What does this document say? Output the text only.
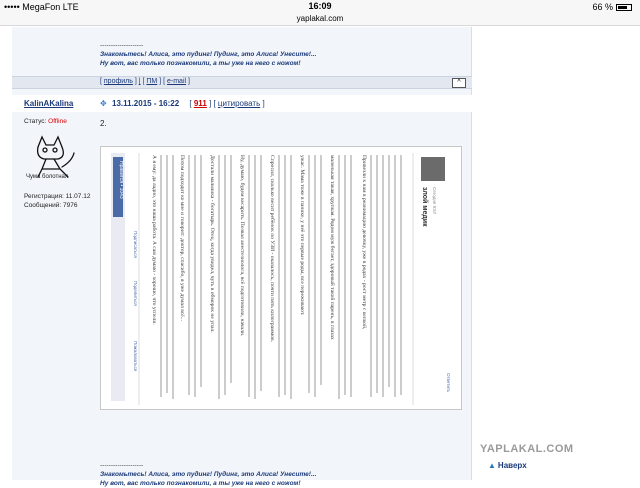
••••• MegaFon LTE	16:09	66 %
yaplakal.com
--------------------
Знакомьтесь! Алиса, это пудинг! Пудинг, это Алиса! Унесите!...
Ну вот, вас только познакомили, а ты уже на него с ножом!
[ профиль ] | [ ПМ ] [ e-mail ]	^
KalinAKalina	✥ 13.11.2015 - 16:22 [ 911 ] [ цитировать ]
Статус: Offline
Чума болотная
Регистрация: 11.07.12
Сообщений: 7976
2.
Нравится • 1043
Подписаться
Поделиться
Пожаловаться
А я ему: да ладно, это наша работа. А сам думаю - хорошо, что успели.	Потом подходит ко мне и говорит: доктор, спасибо, я уже думал всё...	Достали мальчика - богатырь. Отец, когда увидел, чуть в обморок не упал.	Ну, думаю, будем кесарить. Позвал анестезиолога, всё подготовили, начали.	Спросил, сколько весит ребёнок по УЗИ - оказалось, почти пять килограммов.	ужас. Мама тоже в панике, у неё это первые роды, все переживают.	маленькая такая, хрупкая. Рядом муж бегает, здоровый такой парень, в глазах	Привезли к нам в реанимацию девочку, уже в родах - рост метр с кепкой,	злой медик Сегодня 9:57
Ответить
--------------------
Знакомьтесь! Алиса, это пудинг! Пудинг, это Алиса! Унесите!...
Ну вот, вас только познакомили, а ты уже на него с ножом!
YAPLAKAL.COM
▲ Наверх
